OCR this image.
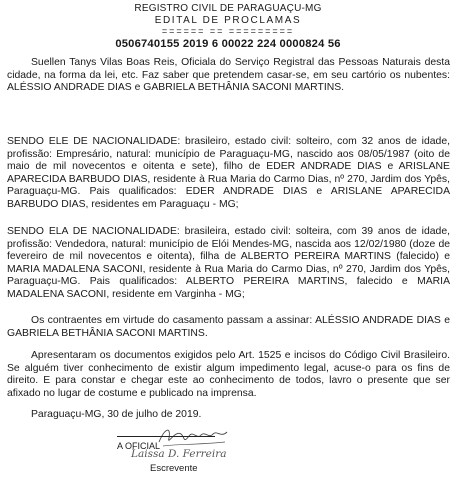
REGISTRO CIVIL DE PARAGUAÇU-MG
EDITAL DE PROCLAMAS
====== == =========
0506740155 2019 6 00022 224 0000824 56
Suellen Tanys Vilas Boas Reis, Oficiala do Serviço Registral das Pessoas Naturais desta cidade, na forma da lei, etc. Faz saber que pretendem casar-se, em seu cartório os nubentes: ALÉSSIO ANDRADE DIAS e GABRIELA BETHÂNIA SACONI MARTINS.
SENDO ELE DE NACIONALIDADE: brasileiro, estado civil: solteiro, com 32 anos de idade, profissão: Empresário, natural: município de Paraguaçu-MG, nascido aos 08/05/1987 (oito de maio de mil novecentos e oitenta e sete), filho de EDER ANDRADE DIAS e ARISLANE APARECIDA BARBUDO DIAS, residente à Rua Maria do Carmo Dias, nº 270, Jardim dos Ypês, Paraguaçu-MG. Pais qualificados: EDER ANDRADE DIAS e ARISLANE APARECIDA BARBUDO DIAS, residentes em Paraguaçu - MG;
SENDO ELA DE NACIONALIDADE: brasileira, estado civil: solteira, com 39 anos de idade, profissão: Vendedora, natural: município de Elói Mendes-MG, nascida aos 12/02/1980 (doze de fevereiro de mil novecentos e oitenta), filha de ALBERTO PEREIRA MARTINS (falecido) e MARIA MADALENA SACONI, residente à Rua Maria do Carmo Dias, nº 270, Jardim dos Ypês, Paraguaçu-MG. Pais qualificados: ALBERTO PEREIRA MARTINS, falecido e MARIA MADALENA SACONI, residente em Varginha - MG;
Os contraentes em virtude do casamento passam a assinar: ALÉSSIO ANDRADE DIAS e GABRIELA BETHÂNIA SACONI MARTINS.
Apresentaram os documentos exigidos pelo Art. 1525 e incisos do Código Civil Brasileiro. Se alguém tiver conhecimento de existir algum impedimento legal, acuse-o para os fins de direito. E para constar e chegar este ao conhecimento de todos, lavro o presente que ser afixado no lugar de costume e publicado na imprensa.
Paraguaçu-MG, 30 de julho de 2019.
A OFICIAL
Laissa D. Ferreira
Escrevente
